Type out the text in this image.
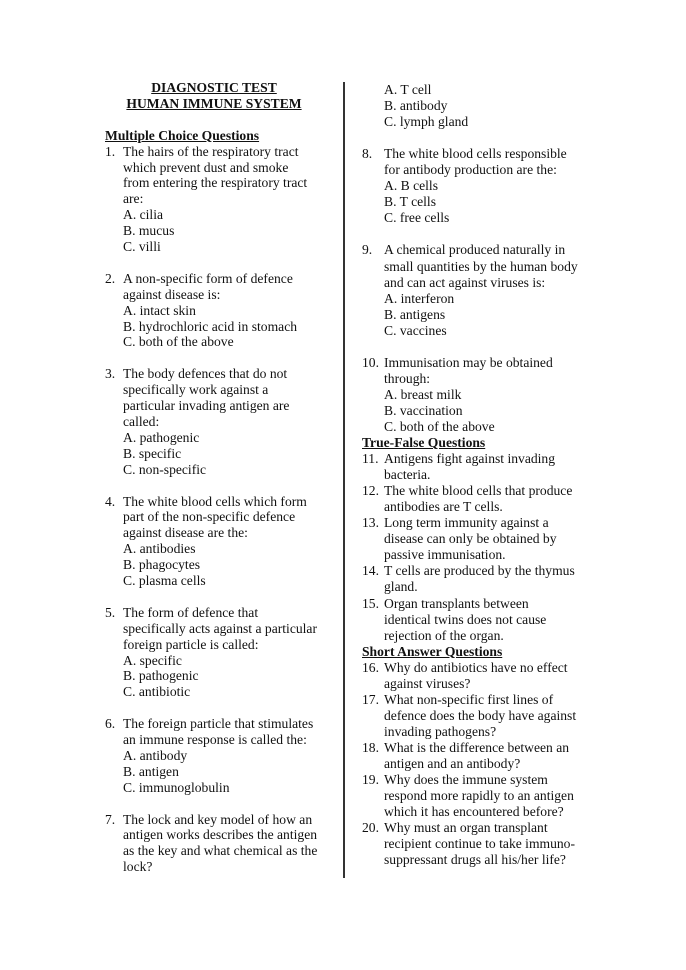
DIAGNOSTIC TEST
HUMAN IMMUNE SYSTEM
Multiple Choice Questions
1. The hairs of the respiratory tract
which prevent dust and smoke
from entering the respiratory tract
are:
A. cilia
B. mucus
C. villi
2. A non-specific form of defence
against disease is:
A. intact skin
B. hydrochloric acid in stomach
C. both of the above
3. The body defences that do not
specifically work against a
particular invading antigen are
called:
A. pathogenic
B. specific
C. non-specific
4. The white blood cells which form
part of the non-specific defence
against disease are the:
A. antibodies
B. phagocytes
C. plasma cells
5. The form of defence that
specifically acts against a particular
foreign particle is called:
A. specific
B. pathogenic
C. antibiotic
6. The foreign particle that stimulates
an immune response is called the:
A. antibody
B. antigen
C. immunoglobulin
7. The lock and key model of how an
antigen works describes the antigen
as the key and what chemical as the
lock?
A. T cell
B. antibody
C. lymph gland
8. The white blood cells responsible
for antibody production are the:
A. B cells
B. T cells
C. free cells
9. A chemical produced naturally in
small quantities by the human body
and can act against viruses is:
A. interferon
B. antigens
C. vaccines
10. Immunisation may be obtained
through:
A. breast milk
B. vaccination
C. both of the above
True-False Questions
11. Antigens fight against invading
bacteria.
12. The white blood cells that produce
antibodies are T cells.
13. Long term immunity against a
disease can only be obtained by
passive immunisation.
14. T cells are produced by the thymus
gland.
15. Organ transplants between
identical twins does not cause
rejection of the organ.
Short Answer Questions
16. Why do antibiotics have no effect
against viruses?
17. What non-specific first lines of
defence does the body have against
invading pathogens?
18. What is the difference between an
antigen and an antibody?
19. Why does the immune system
respond more rapidly to an antigen
which it has encountered before?
20. Why must an organ transplant
recipient continue to take immuno-
suppressant drugs all his/her life?
